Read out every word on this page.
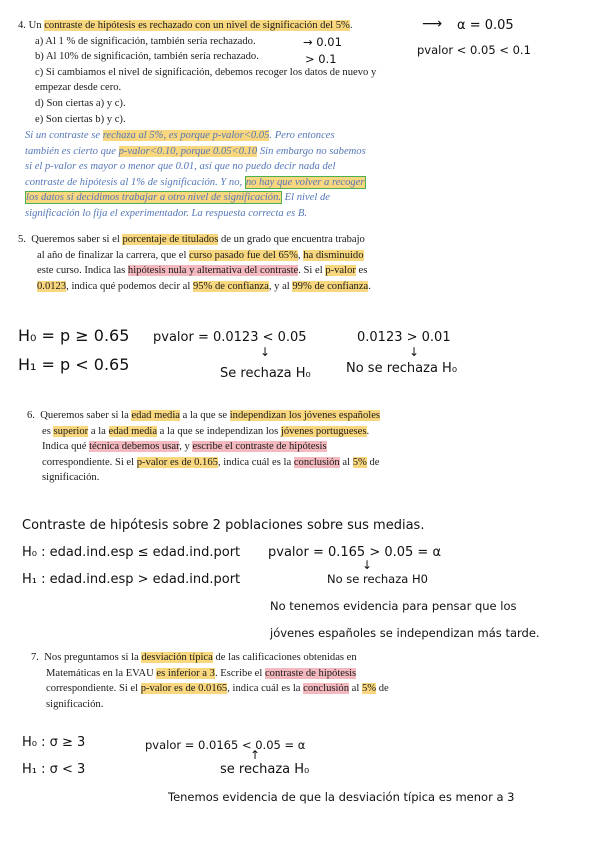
4. Un contraste de hipótesis es rechazado con un nivel de significación del 5%.
a) Al 1 % de significación, también sería rechazado.
b) Al 10% de significación, también sería rechazado.
c) Si cambiamos el nivel de significación, debemos recoger los datos de nuevo y
empezar desde cero.
d) Son ciertas a) y c).
e) Son ciertas b) y c).
⟶ α = 0.05
→ 0.01
pvalor < 0.05 < 0.1
> 0.1
Si un contraste se rechaza al 5%, es porque p-valor<0.05. Pero entonces
también es cierto que p-valor<0.10, porque 0.05<0.10 Sin embargo no sabemos
si el p-valor es mayor o menor que 0.01, así que no puedo decir nada del
contraste de hipótesis al 1% de significación. Y no, no hay que volver a recoger
los datos si decidimos trabajar a otro nivel de significación. El nivel de
significación lo fija el experimentador. La respuesta correcta es B.
5. Queremos saber si el porcentaje de titulados de un grado que encuentra trabajo
al año de finalizar la carrera, que el curso pasado fue del 65%, ha disminuido
este curso. Indica las hipótesis nula y alternativa del contraste. Si el p-valor es
0.0123, indica qué podemos decir al 95% de confianza, y al 99% de confianza.
H₀ = p ≥ 0.65
H₁ = p < 0.65
pvalor = 0.0123 < 0.05
↓
Se rechaza H₀
0.0123 > 0.01
↓
No se rechaza H₀
6. Queremos saber si la edad media a la que se independizan los jóvenes españoles
es superior a la edad media a la que se independizan los jóvenes portugueses.
Indica qué técnica debemos usar, y escribe el contraste de hipótesis
correspondiente. Si el p-valor es de 0.165, indica cuál es la conclusión al 5% de
significación.
Contraste de hipótesis sobre 2 poblaciones sobre sus medias.
H₀ : edad.ind.esp ≤ edad.ind.port
H₁ : edad.ind.esp > edad.ind.port
pvalor = 0.165 > 0.05 = α
↓
No se rechaza H0
No tenemos evidencia para pensar que los
jóvenes españoles se independizan más tarde.
7. Nos preguntamos si la desviación típica de las calificaciones obtenidas en
Matemáticas en la EVAU es inferior a 3. Escribe el contraste de hipótesis
correspondiente. Si el p-valor es de 0.0165, indica cuál es la conclusión al 5% de
significación.
H₀ : σ ≥ 3
H₁ : σ < 3
pvalor = 0.0165 < 0.05 = α
↑
se rechaza H₀
Tenemos evidencia de que la desviación típica es menor a 3
